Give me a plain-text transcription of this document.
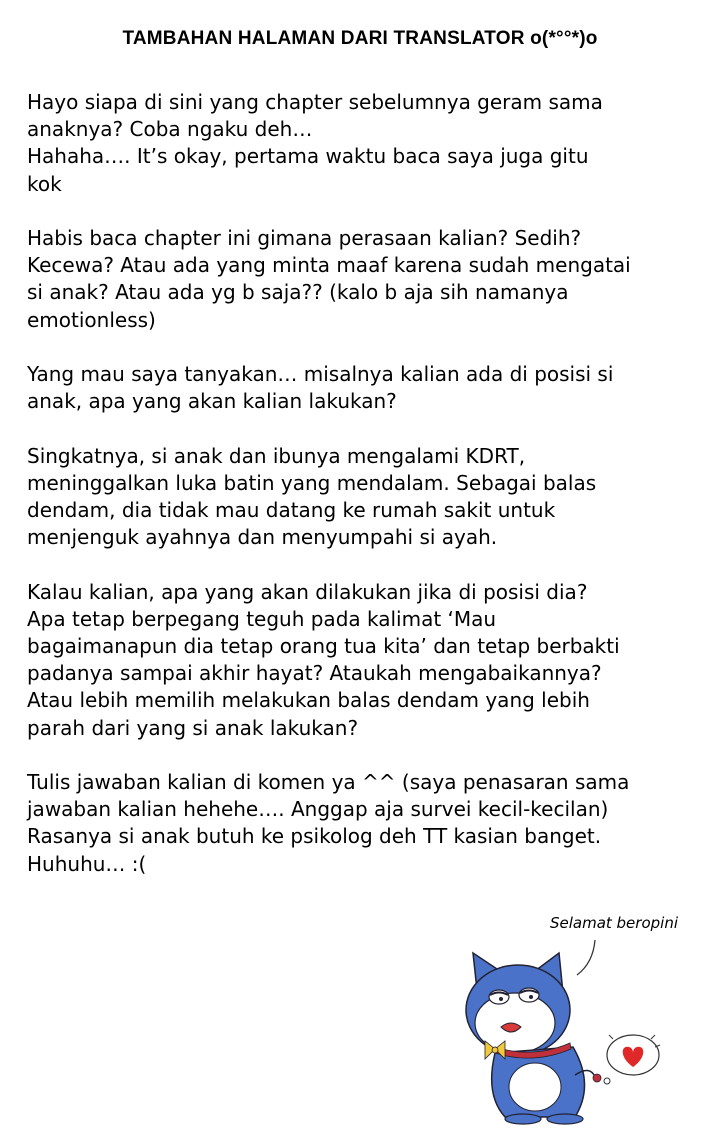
TAMBAHAN HALAMAN DARI TRANSLATOR o(*°°*)o

Hayo siapa di sini yang chapter sebelumnya geram sama
anaknya? Coba ngaku deh…
Hahaha…. It’s okay, pertama waktu baca saya juga gitu
kok

Habis baca chapter ini gimana perasaan kalian? Sedih?
Kecewa? Atau ada yang minta maaf karena sudah mengatai
si anak? Atau ada yg b saja?? (kalo b aja sih namanya
emotionless)

Yang mau saya tanyakan… misalnya kalian ada di posisi si
anak, apa yang akan kalian lakukan?

Singkatnya, si anak dan ibunya mengalami KDRT,
meninggalkan luka batin yang mendalam. Sebagai balas
dendam, dia tidak mau datang ke rumah sakit untuk
menjenguk ayahnya dan menyumpahi si ayah.

Kalau kalian, apa yang akan dilakukan jika di posisi dia?
Apa tetap berpegang teguh pada kalimat ‘Mau
bagaimanapun dia tetap orang tua kita’ dan tetap berbakti
padanya sampai akhir hayat? Ataukah mengabaikannya?
Atau lebih memilih melakukan balas dendam yang lebih
parah dari yang si anak lakukan?

Tulis jawaban kalian di komen ya ^^ (saya penasaran sama
jawaban kalian hehehe…. Anggap aja survei kecil-kecilan)
Rasanya si anak butuh ke psikolog deh TT kasian banget.
Huhuhu… :(

Selamat beropini
